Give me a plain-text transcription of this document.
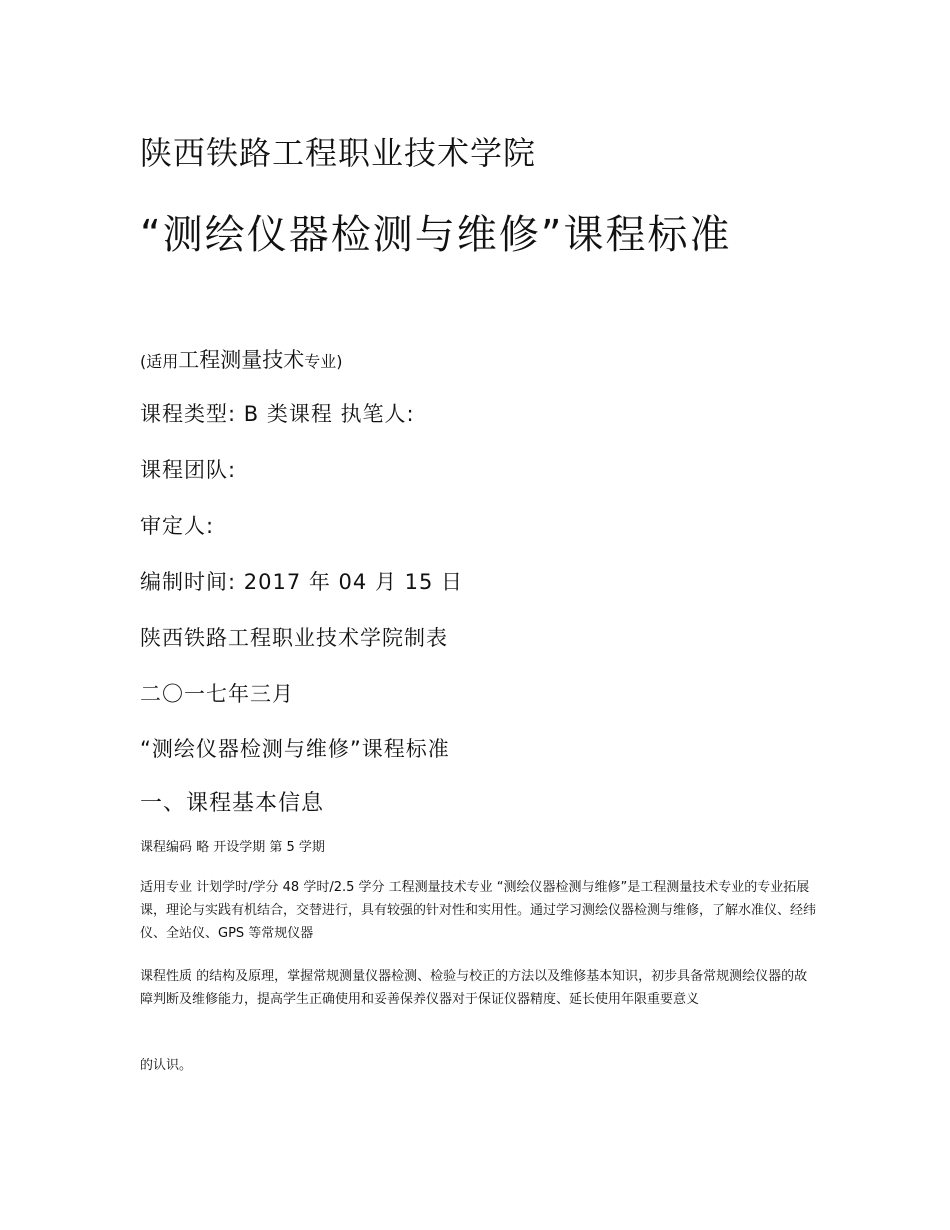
陕西铁路工程职业技术学院
“测绘仪器检测与维修”课程标准
(适用工程测量技术专业)
课程类型: B 类课程 执笔人:
课程团队:
审定人:
编制时间: 2017 年 04 月 15 日
陕西铁路工程职业技术学院制表
二〇一七年三月
“测绘仪器检测与维修”课程标准
一、课程基本信息

课程编码 略 开设学期 第 5 学期

适用专业 计划学时/学分 48 学时/2.5 学分 工程测量技术专业 “测绘仪器检测与维修”是工程测量技术专业的专业拓展课，理论与实践有机结合，交替进行，具有较强的针对性和实用性。通过学习测绘仪器检测与维修，了解水准仪、经纬仪、全站仪、GPS 等常规仪器

课程性质 的结构及原理，掌握常规测量仪器检测、检验与校正的方法以及维修基本知识，初步具备常规测绘仪器的故障判断及维修能力，提高学生正确使用和妥善保养仪器对于保证仪器精度、延长使用年限重要意义

的认识。
